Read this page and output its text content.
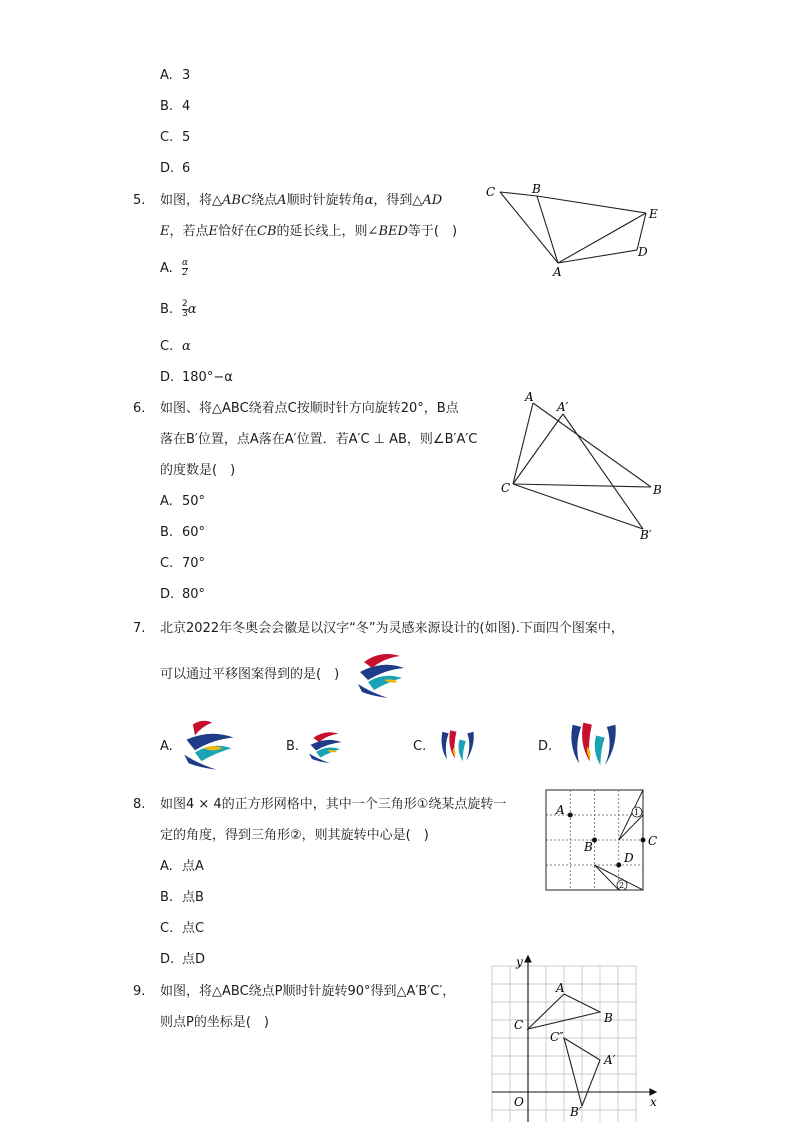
A. 3
B. 4
C. 5
D. 6
5. 如图，将△ABC绕点A顺时针旋转角α，得到△AD
E，若点E恰好在CB的延长线上，则∠BED等于(　)
A. $\frac{\alpha}{2}$
B. $\frac{2}{3}$ α
C. α
D. 180°−α
C	B
E
D
A
6. 如图、将△ABC绕着点C按顺时针方向旋转20°，B点
落在B′位置，点A落在A′位置．若A′C ⊥ AB，则∠B′A′C
的度数是(　)
A. 50°
B. 60°
C. 70°
D. 80°
A
A′
C	B
B′
7. 北京2022年冬奥会会徽是以汉字“冬”为灵感来源设计的(如图).下面四个图案中，
可以通过平移图案得到的是(　)
A.	B.	C.	D.
8. 如图4 × 4的正方形网格中，其中一个三角形①绕某点旋转一
定的角度，得到三角形②，则其旋转中心是(　)
A. 点A
B. 点B
C. 点C
D. 点D
A
B	C
D
1
2
9. 如图，将△ABC绕点P顺时针旋转90°得到△A′B′C′，
则点P的坐标是(　)
y
x
O
A
B
C
A′
B′
C″
